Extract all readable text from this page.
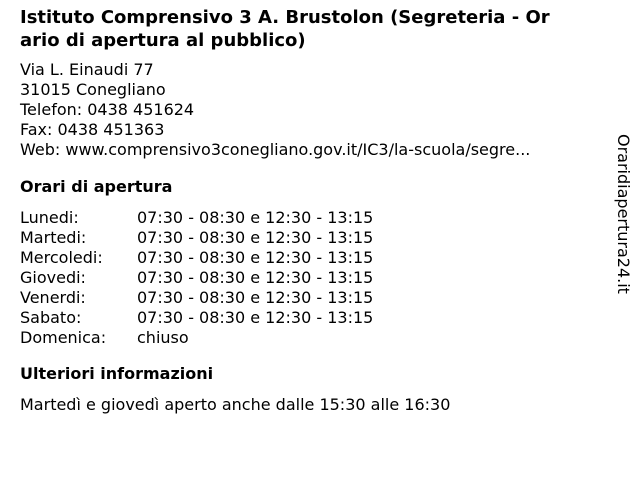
Istituto Comprensivo 3 A. Brustolon (Segreteria - Or
ario di apertura al pubblico)
Via L. Einaudi 77
31015 Conegliano
Telefon: 0438 451624
Fax: 0438 451363
Web: www.comprensivo3conegliano.gov.it/IC3/la-scuola/segre...
Orari di apertura
Lunedi:	07:30 - 08:30 e 12:30 - 13:15
Martedi:	07:30 - 08:30 e 12:30 - 13:15
Mercoledi:	07:30 - 08:30 e 12:30 - 13:15
Giovedi:	07:30 - 08:30 e 12:30 - 13:15
Venerdi:	07:30 - 08:30 e 12:30 - 13:15
Sabato:	07:30 - 08:30 e 12:30 - 13:15
Domenica:	chiuso
Ulteriori informazioni
Martedì e giovedì aperto anche dalle 15:30 alle 16:30
Oraridiapertura24.it
